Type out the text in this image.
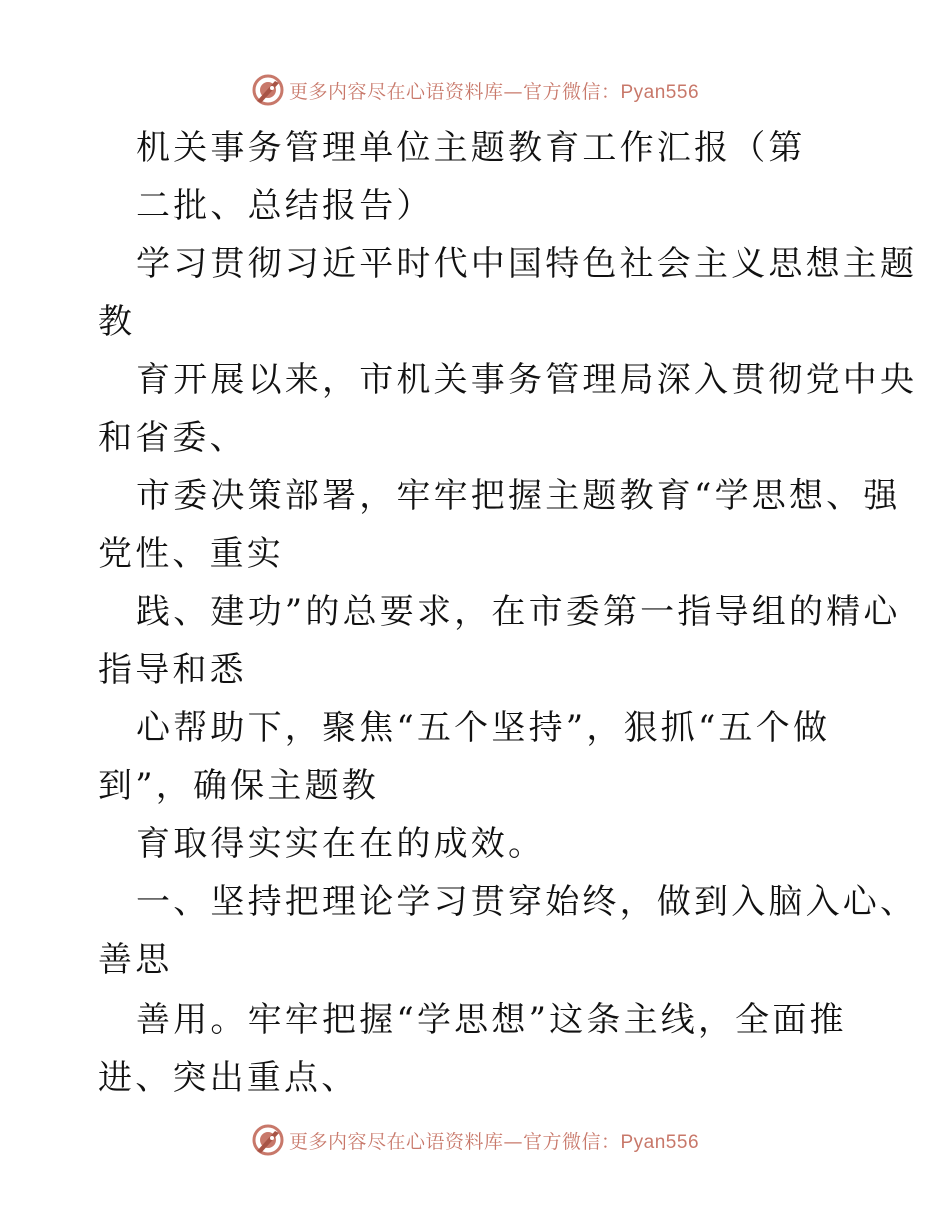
更多内容尽在心语资料库—官方微信：Pyan556
机关事务管理单位主题教育工作汇报（第
二批、总结报告）
学习贯彻习近平时代中国特色社会主义思想主题
教
育开展以来，市机关事务管理局深入贯彻党中央
和省委、
市委决策部署，牢牢把握主题教育“学思想、强
党性、重实
践、建功”的总要求，在市委第一指导组的精心
指导和悉
心帮助下，聚焦“五个坚持”，狠抓“五个做
到”，确保主题教
育取得实实在在的成效。
一、坚持把理论学习贯穿始终，做到入脑入心、
善思
善用。牢牢把握“学思想”这条主线，全面推
进、突出重点、
更多内容尽在心语资料库—官方微信：Pyan556
